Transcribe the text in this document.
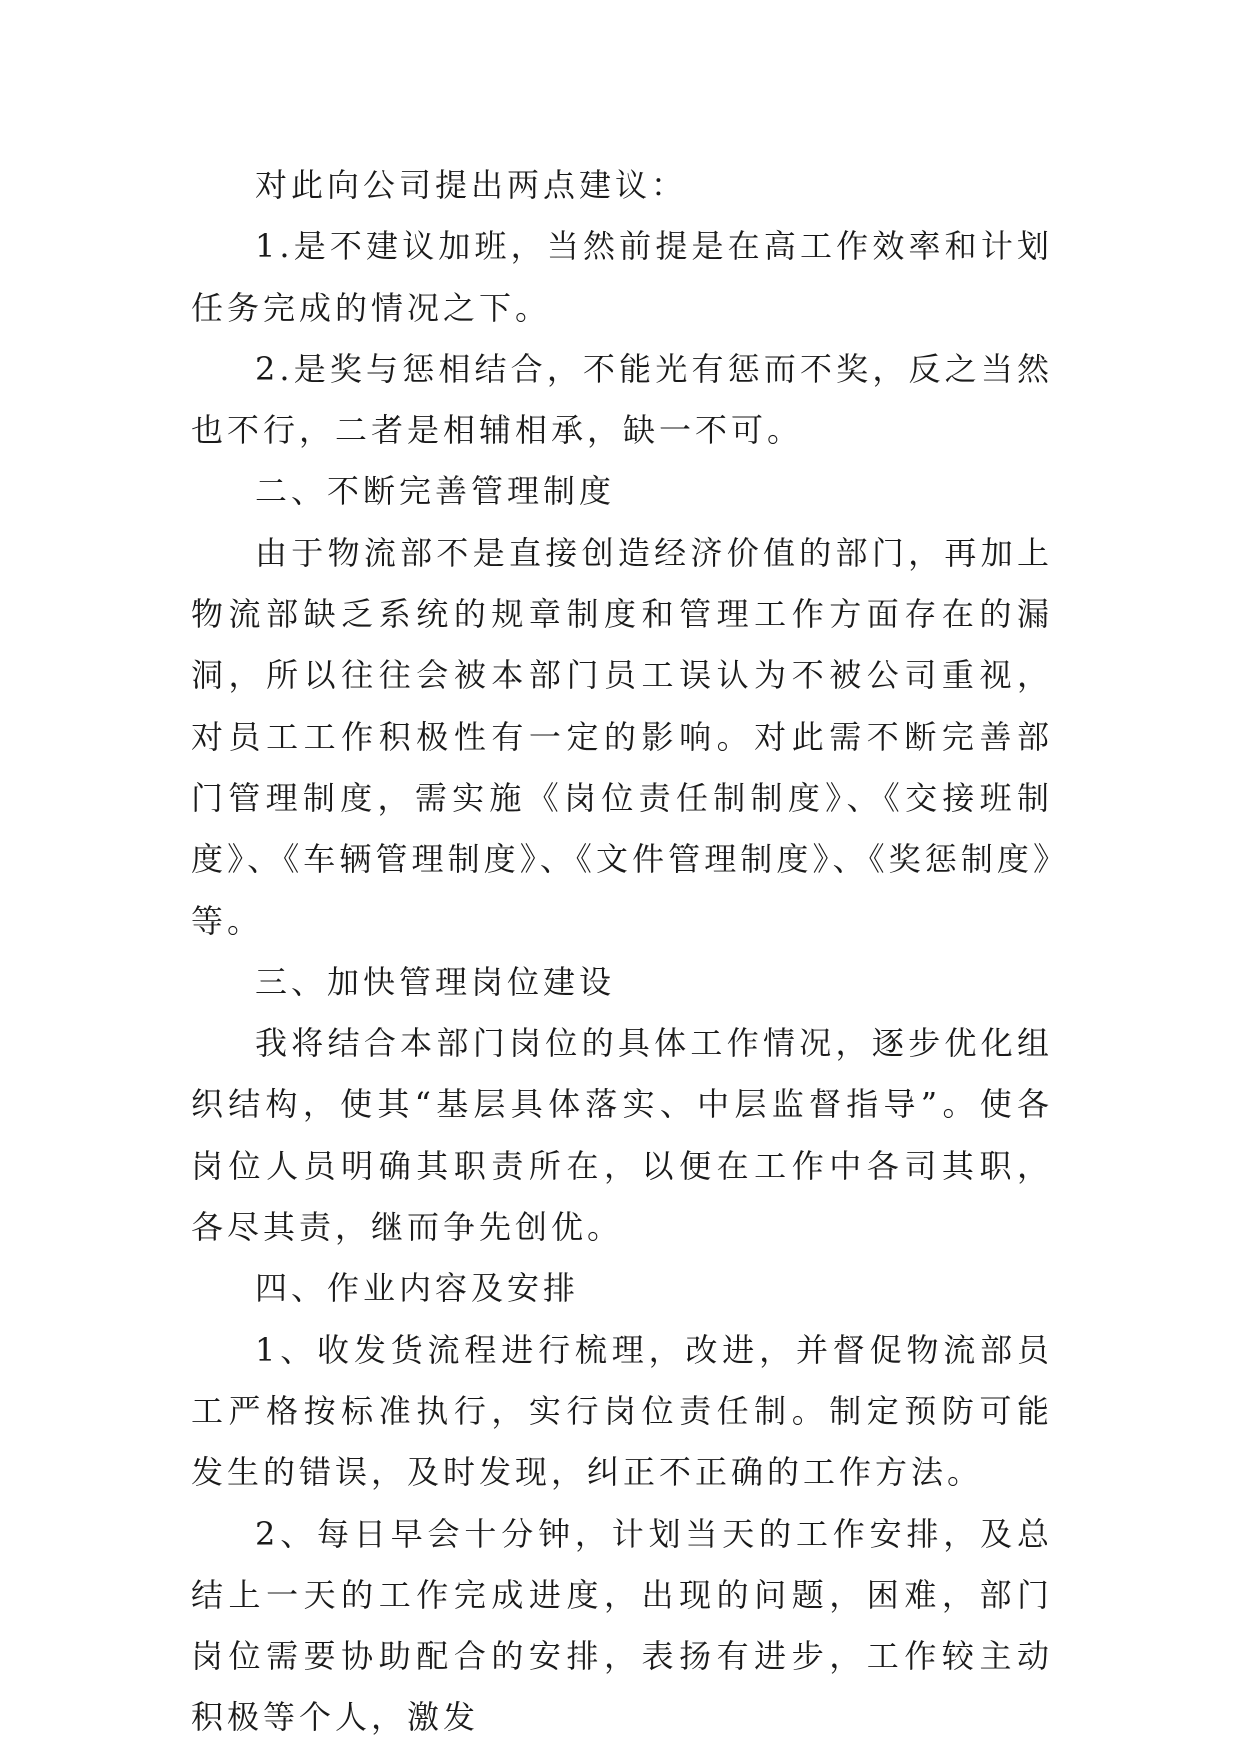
对此向公司提出两点建议：

1.是不建议加班，当然前提是在高工作效率和计划任务完成的情况之下。

2.是奖与惩相结合，不能光有惩而不奖，反之当然也不行，二者是相辅相承，缺一不可。

二、不断完善管理制度

由于物流部不是直接创造经济价值的部门，再加上物流部缺乏系统的规章制度和管理工作方面存在的漏洞，所以往往会被本部门员工误认为不被公司重视，对员工工作积极性有一定的影响。对此需不断完善部门管理制度，需实施《岗位责任制制度》、《交接班制度》、《车辆管理制度》、《文件管理制度》、《奖惩制度》等。

三、加快管理岗位建设

我将结合本部门岗位的具体工作情况，逐步优化组织结构，使其“基层具体落实、中层监督指导”。使各岗位人员明确其职责所在，以便在工作中各司其职，各尽其责，继而争先创优。

四、作业内容及安排

1、收发货流程进行梳理，改进，并督促物流部员工严格按标准执行，实行岗位责任制。制定预防可能发生的错误，及时发现，纠正不正确的工作方法。

2、每日早会十分钟，计划当天的工作安排，及总结上一天的工作完成进度，出现的问题，困难，部门岗位需要协助配合的安排，表扬有进步，工作较主动积极等个人，激发
